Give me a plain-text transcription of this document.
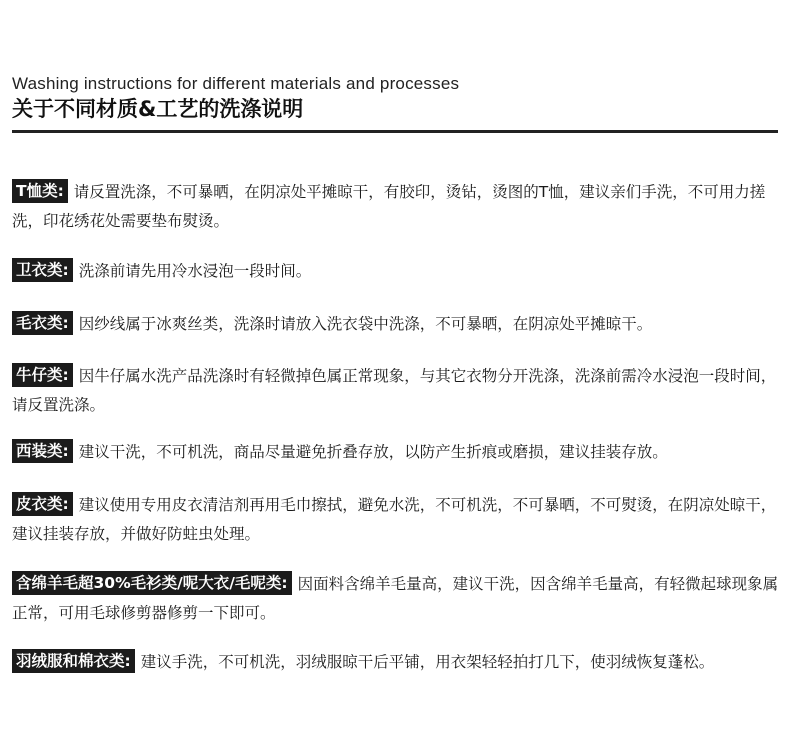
Washing instructions for different materials and processes
关于不同材质&工艺的洗涤说明
T恤类: 请反置洗涤，不可暴晒，在阴凉处平摊晾干，有胶印，烫钻，烫图的T恤，建议亲们手洗，不可用力搓洗，印花绣花处需要垫布熨烫。
卫衣类: 洗涤前请先用冷水浸泡一段时间。
毛衣类: 因纱线属于冰爽丝类，洗涤时请放入洗衣袋中洗涤，不可暴晒，在阴凉处平摊晾干。
牛仔类: 因牛仔属水洗产品洗涤时有轻微掉色属正常现象，与其它衣物分开洗涤，洗涤前需冷水浸泡一段时间，请反置洗涤。
西装类: 建议干洗，不可机洗，商品尽量避免折叠存放，以防产生折痕或磨损，建议挂装存放。
皮衣类: 建议使用专用皮衣清洁剂再用毛巾擦拭，避免水洗，不可机洗，不可暴晒，不可熨烫，在阴凉处晾干，建议挂装存放，并做好防蛀虫处理。
含绵羊毛超30%毛衫类/呢大衣/毛呢类: 因面料含绵羊毛量高，建议干洗，因含绵羊毛量高，有轻微起球现象属正常，可用毛球修剪器修剪一下即可。
羽绒服和棉衣类: 建议手洗，不可机洗，羽绒服晾干后平铺，用衣架轻轻拍打几下，使羽绒恢复蓬松。
